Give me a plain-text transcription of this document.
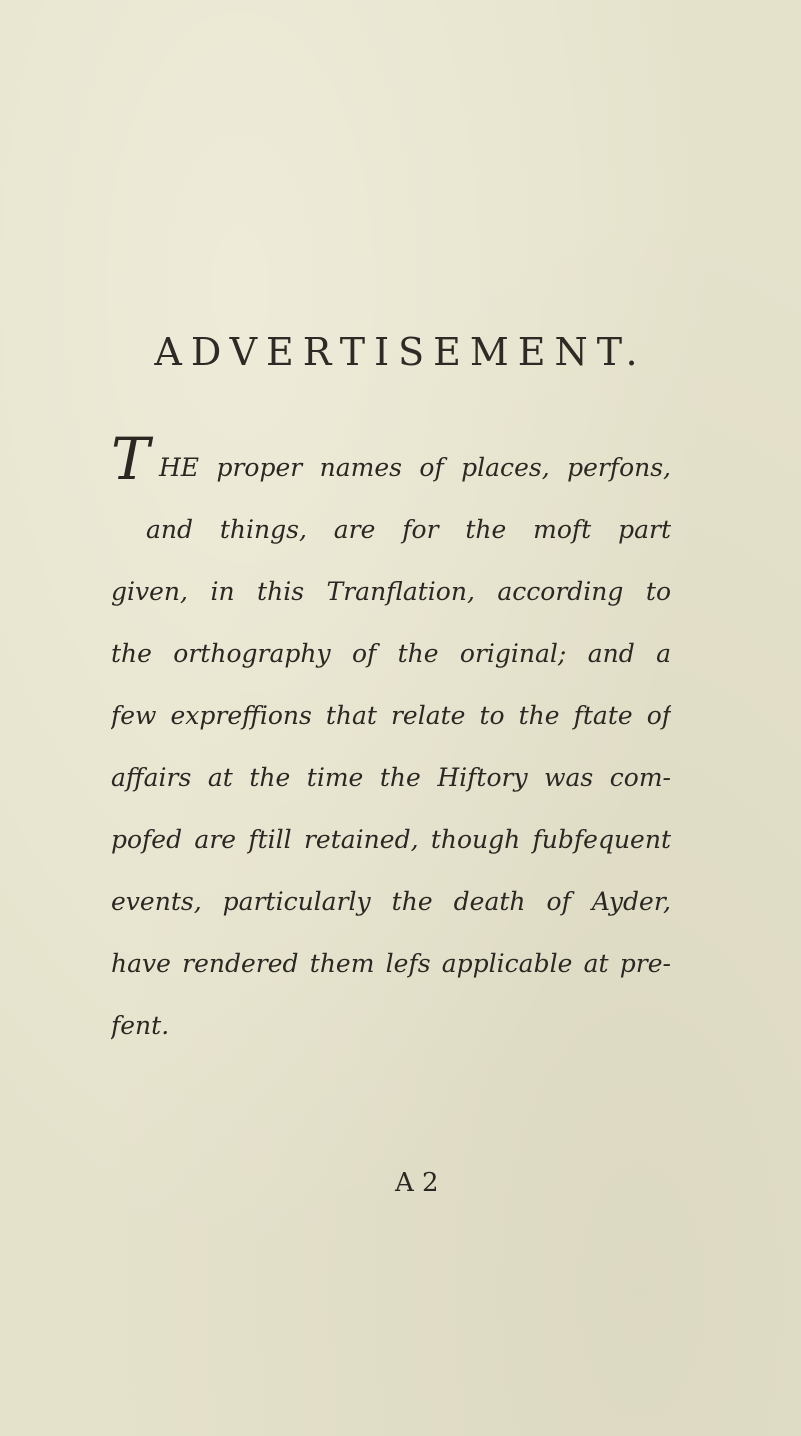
ADVERTISEMENT.
T HE proper names of places, perfons,
and things, are for the moft part
given, in this Tranflation, according to
the orthography of the original; and a
few expreffions that relate to the ftate of
affairs at the time the Hiftory was com-
pofed are ftill retained, though fubfequent
events, particularly the death of Ayder,
have rendered them lefs applicable at pre-
fent.
A 2
